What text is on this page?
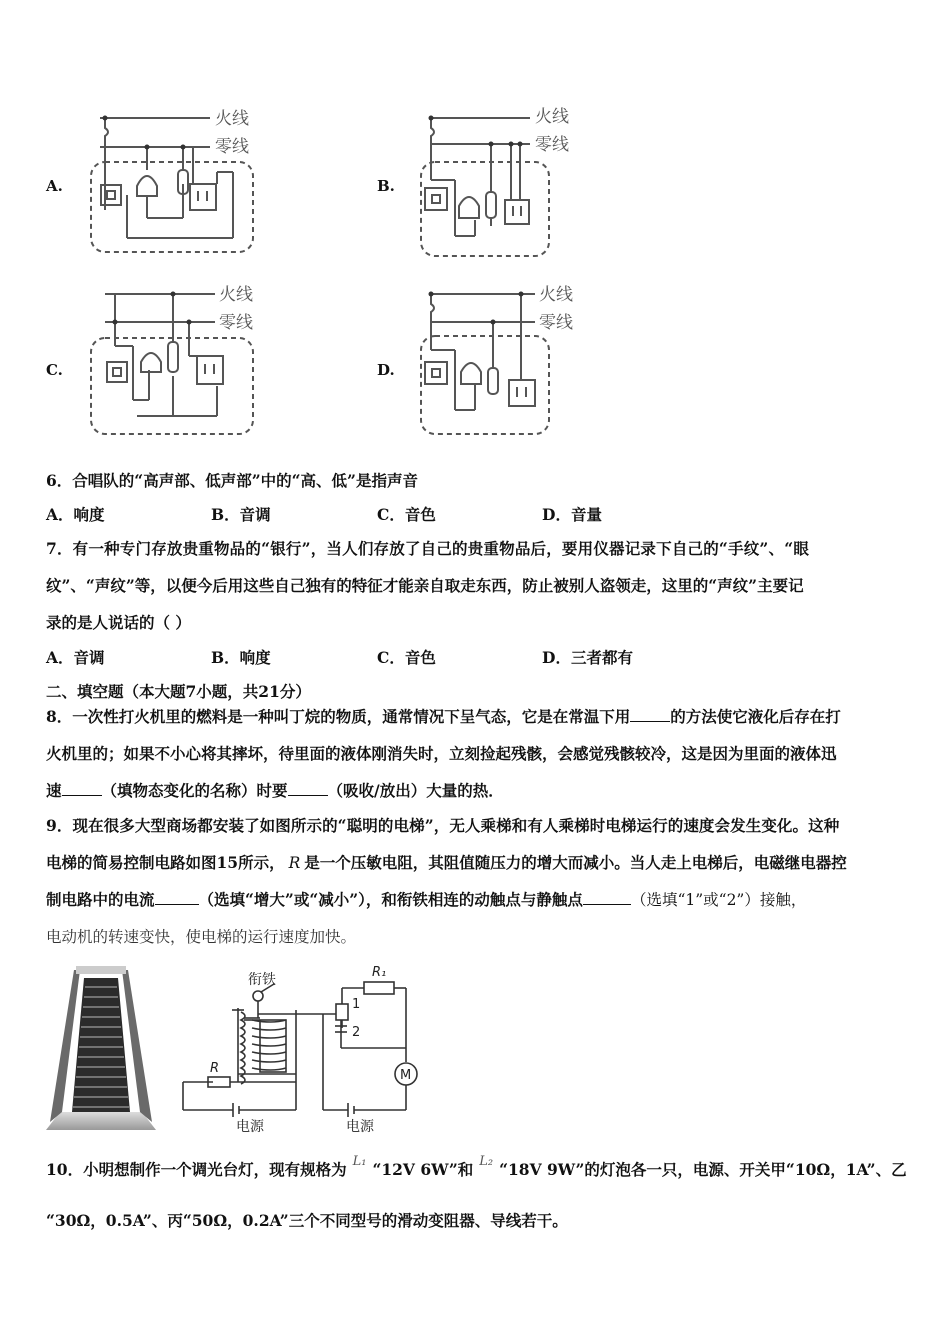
A.	B.
C.	D.
火线
零线
火线
零线
火线
零线
火线
零线
6．合唱队的“高声部、低声部”中的“高、低”是指声音
A．响度	B．音调	C．音色	D．音量
7．有一种专门存放贵重物品的“银行”，当人们存放了自己的贵重物品后，要用仪器记录下自己的“手纹”、“眼
纹”、“声纹”等，以便今后用这些自己独有的特征才能亲自取走东西，防止被别人盗领走，这里的“声纹”主要记
录的是人说话的（ ）
A．音调	B．响度	C．音色	D．三者都有
二、填空题（本大题7小题，共21分）
8．一次性打火机里的燃料是一种叫丁烷的物质，通常情况下呈气态，它是在常温下用	的方法使它液化后存在打
火机里的；如果不小心将其摔坏，待里面的液体刚消失时，立刻捡起残骸，会感觉残骸较冷，这是因为里面的液体迅
速	（填物态变化的名称）时要	（吸收/放出）大量的热．
9．现在很多大型商场都安装了如图所示的“聪明的电梯”，无人乘梯和有人乘梯时电梯运行的速度会发生变化。这种
电梯的简易控制电路如图15所示， R 是一个压敏电阻，其阻值随压力的增大而减小。当人走上电梯后，电磁继电器控
制电路中的电流	（选填“增大”或“减小”），和衔铁相连的动触点与静触点	（选填“1”或“2”）接触，
电动机的转速变快，使电梯的运行速度加快。
衔铁	R₁
R
1
2
M
电源	电源
10．小明想制作一个调光台灯，现有规格为 $^{L_1}$ “12V 6W”和 $^{L_2}$ “18V 9W”的灯泡各一只，电源、开关甲“10Ω，1A”、乙
“30Ω，0.5A”、丙“50Ω，0.2A”三个不同型号的滑动变阻器、导线若干。
